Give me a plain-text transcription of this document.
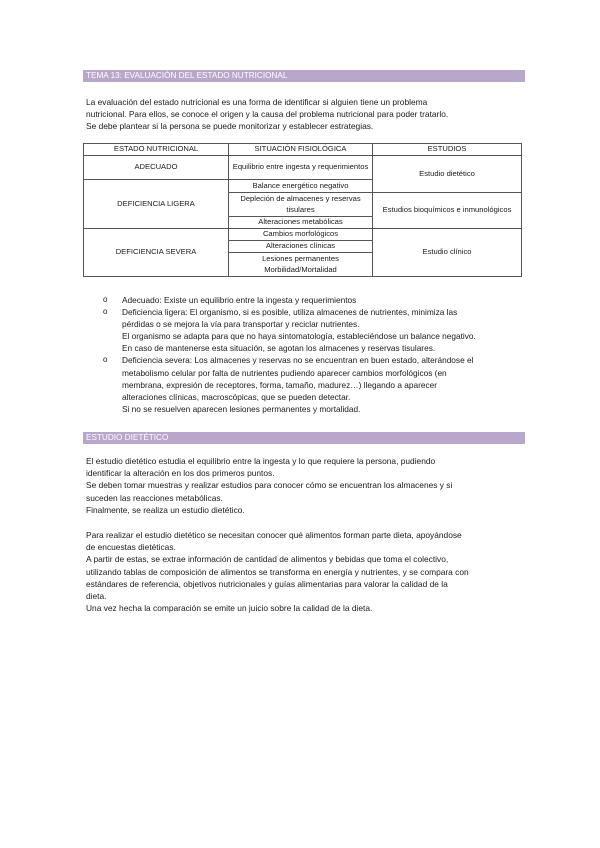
TEMA 13: EVALUACIÓN DEL ESTADO NUTRICIONAL

La evaluación del estado nutricional es una forma de identificar si alguien tiene un problema

nutricional. Para ellos, se conoce el origen y la causa del problema nutricional para poder tratarlo.

Se debe plantear si la persona se puede monitorizar y establecer estrategias.

ESTADO NUTRICIONAL	SITUACIÓN FISIOLÓGICA	ESTUDIOS
ADECUADO	Equilibrio entre ingesta y requerimientos	Estudio dietético
DEFICIENCIA LIGERA	Balance energético negativo	
	Depleción de almacenes y reservas tisulares	Estudios bioquímicos e inmunológicos
	Alteraciones metabólicas	
DEFICIENCIA SEVERA	Cambios morfológicos	Estudio clínico
	Alteraciones clínicas	
	Lesiones permanentes Morbilidad/Mortalidad	
o Adecuado: Existe un equilibrio entre la ingesta y requerimientos

o Deficiencia ligera: El organismo, si es posible, utiliza almacenes de nutrientes, minimiza las

pérdidas o se mejora la vía para transportar y reciclar nutrientes.

El organismo se adapta para que no haya sintomatología, estableciéndose un balance negativo.

En caso de mantenerse esta situación, se agotan los almacenes y reservas tisulares.

o Deficiencia severa: Los almacenes y reservas no se encuentran en buen estado, alterándose el

metabolismo celular por falta de nutrientes pudiendo aparecer cambios morfológicos (en

membrana, expresión de receptores, forma, tamaño, madurez…) llegando a aparecer

alteraciones clínicas, macroscópicas, que se pueden detectar.

Si no se resuelven aparecen lesiones permanentes y mortalidad.

ESTUDIO DIETÉTICO

El estudio dietético estudia el equilibrio entre la ingesta y lo que requiere la persona, pudiendo

identificar la alteración en los dos primeros puntos.

Se deben tomar muestras y realizar estudios para conocer cómo se encuentran los almacenes y si

suceden las reacciones metabólicas.

Finalmente, se realiza un estudio dietético.

Para realizar el estudio dietético se necesitan conocer qué alimentos forman parte dieta, apoyándose

de encuestas dietéticas.

A partir de estas, se extrae información de cantidad de alimentos y bebidas que toma el colectivo,

utilizando tablas de composición de alimentos se transforma en energía y nutrientes, y se compara con

estándares de referencia, objetivos nutricionales y guías alimentarias para valorar la calidad de la

dieta.

Una vez hecha la comparación se emite un juicio sobre la calidad de la dieta.
